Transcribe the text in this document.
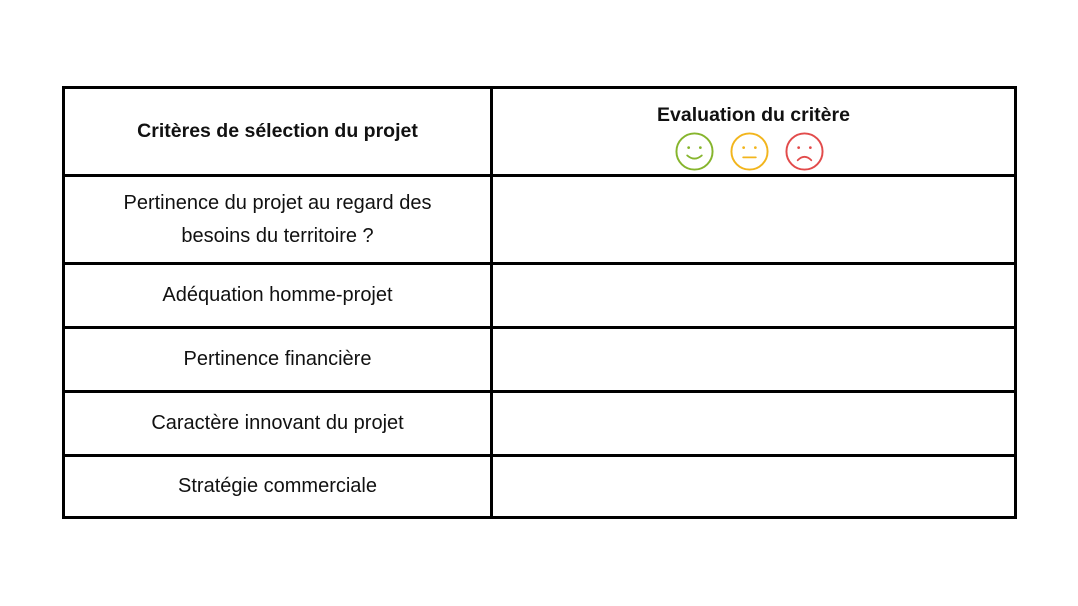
Critères de sélection du projet
Evaluation du critère
Pertinence du projet au regard des besoins du territoire ?
Adéquation homme-projet
Pertinence financière
Caractère innovant du projet
Stratégie commerciale
